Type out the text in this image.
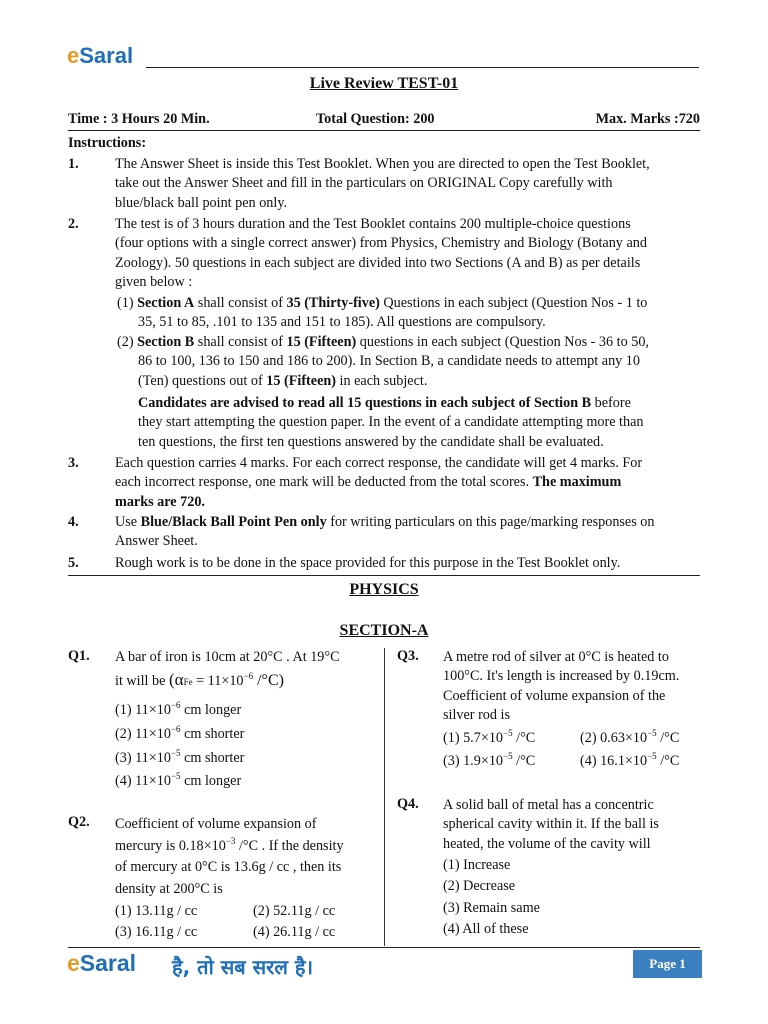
eSaral
Live Review TEST-01
Time : 3 Hours 20 Min.	Total Question: 200	Max. Marks :720
Instructions:
1.	The Answer Sheet is inside this Test Booklet. When you are directed to open the Test Booklet,
take out the Answer Sheet and fill in the particulars on ORIGINAL Copy carefully with
blue/black ball point pen only.
2.	The test is of 3 hours duration and the Test Booklet contains 200 multiple-choice questions
(four options with a single correct answer) from Physics, Chemistry and Biology (Botany and
Zoology). 50 questions in each subject are divided into two Sections (A and B) as per details
given below :
(1) Section A shall consist of 35 (Thirty-five) Questions in each subject (Question Nos - 1 to
35, 51 to 85, .101 to 135 and 151 to 185). All questions are compulsory.
(2) Section B shall consist of 15 (Fifteen) questions in each subject (Question Nos - 36 to 50,
86 to 100, 136 to 150 and 186 to 200). In Section B, a candidate needs to attempt any 10
(Ten) questions out of 15 (Fifteen) in each subject.
Candidates are advised to read all 15 questions in each subject of Section B before
they start attempting the question paper. In the event of a candidate attempting more than
ten questions, the first ten questions answered by the candidate shall be evaluated.
3.	Each question carries 4 marks. For each correct response, the candidate will get 4 marks. For
each incorrect response, one mark will be deducted from the total scores. The maximum
marks are 720.
4.	Use Blue/Black Ball Point Pen only for writing particulars on this page/marking responses on
Answer Sheet.
5.	Rough work is to be done in the space provided for this purpose in the Test Booklet only.
PHYSICS
SECTION-A
Q1. A bar of iron is 10cm at 20°C . At 19°C
it will be ($\alpha Fe = 11\times 10^{-6}$ /°C)
(1) $11\times 10^{-6}$ cm longer
(2) $11\times 10^{-6}$ cm shorter
(3) $11\times 10^{-5}$ cm shorter
(4) $11\times 10^{-5}$ cm longer
Q2. Coefficient of volume expansion of
mercury is $0.18\times 10^{-3}$ /°C . If the density
of mercury at 0°C is 13.6g / cc , then its
density at 200°C is
(1) 13.11g / cc	(2) 52.11g / cc
(3) 16.11g / cc	(4) 26.11g / cc
Q3. A metre rod of silver at 0°C is heated to
100°C. It's length is increased by 0.19cm.
Coefficient of volume expansion of the
silver rod is
(1) $5.7\times 10^{-5}$ /°C	(2) $0.63\times 10^{-5}$ /°C
(3) $1.9\times 10^{-5}$ /°C	(4) $16.1\times 10^{-5}$ /°C
Q4. A solid ball of metal has a concentric
spherical cavity within it. If the ball is
heated, the volume of the cavity will
(1) Increase
(2) Decrease
(3) Remain same
(4) All of these
eSaral है, तो सब सरल है।	Page 1
